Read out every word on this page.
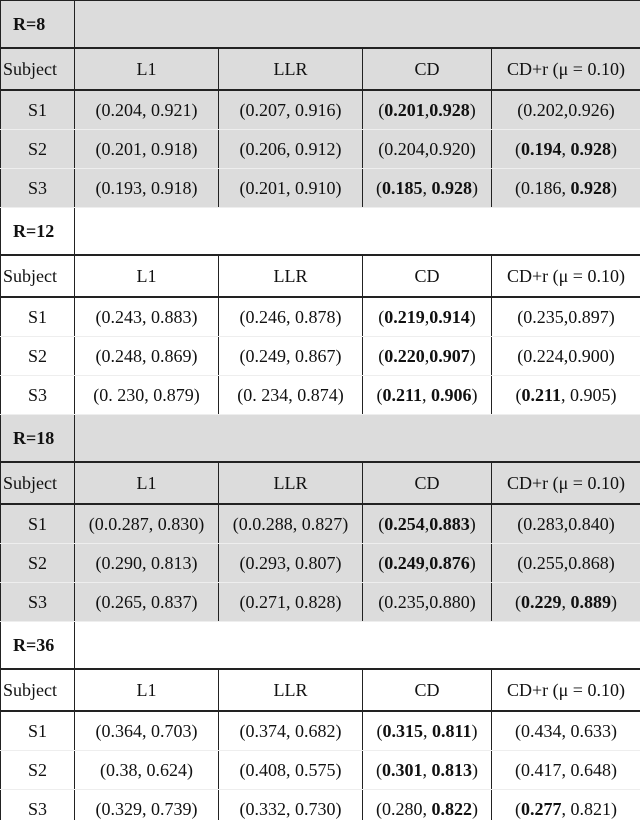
R=8				
Subject	L1	LLR	CD	CD+r (μ = 0.10)
S1	(0.204, 0.921)	(0.207, 0.916)	(0.201,0.928)	(0.202,0.926)
S2	(0.201, 0.918)	(0.206, 0.912)	(0.204,0.920)	(0.194, 0.928)
S3	(0.193, 0.918)	(0.201, 0.910)	(0.185, 0.928)	(0.186, 0.928)
R=12				
Subject	L1	LLR	CD	CD+r (μ = 0.10)
S1	(0.243, 0.883)	(0.246, 0.878)	(0.219,0.914)	(0.235,0.897)
S2	(0.248, 0.869)	(0.249, 0.867)	(0.220,0.907)	(0.224,0.900)
S3	(0. 230, 0.879)	(0. 234, 0.874)	(0.211, 0.906)	(0.211, 0.905)
R=18				
Subject	L1	LLR	CD	CD+r (μ = 0.10)
S1	(0.0.287, 0.830)	(0.0.288, 0.827)	(0.254,0.883)	(0.283,0.840)
S2	(0.290, 0.813)	(0.293, 0.807)	(0.249,0.876)	(0.255,0.868)
S3	(0.265, 0.837)	(0.271, 0.828)	(0.235,0.880)	(0.229, 0.889)
R=36				
Subject	L1	LLR	CD	CD+r (μ = 0.10)
S1	(0.364, 0.703)	(0.374, 0.682)	(0.315, 0.811)	(0.434, 0.633)
S2	(0.38, 0.624)	(0.408, 0.575)	(0.301, 0.813)	(0.417, 0.648)
S3	(0.329, 0.739)	(0.332, 0.730)	(0.280, 0.822)	(0.277, 0.821)
